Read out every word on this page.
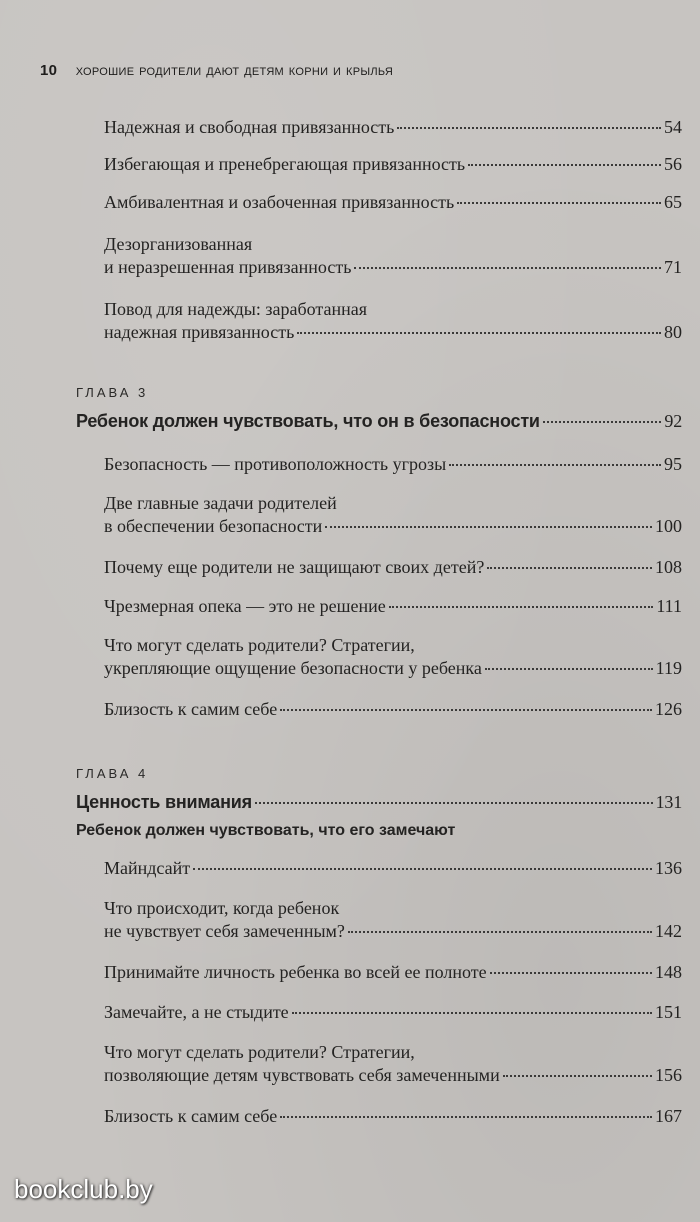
10 хорошие родители дают детям корни и крылья
Надежная и свободная привязанность	54
Избегающая и пренебрегающая привязанность	56
Амбивалентная и озабоченная привязанность	65
Дезорганизованная
и неразрешенная привязанность	71
Повод для надежды: заработанная
надежная привязанность	80
ГЛАВА 3
Ребенок должен чувствовать, что он в безопасности	92
Безопасность — противоположность угрозы	95
Две главные задачи родителей
в обеспечении безопасности	100
Почему еще родители не защищают своих детей?	108
Чрезмерная опека — это не решение	111
Что могут сделать родители? Стратегии,
укрепляющие ощущение безопасности у ребенка	119
Близость к самим себе	126
ГЛАВА 4
Ценность внимания	131
Ребенок должен чувствовать, что его замечают
Майндсайт	136
Что происходит, когда ребенок
не чувствует себя замеченным?	142
Принимайте личность ребенка во всей ее полноте	148
Замечайте, а не стыдите	151
Что могут сделать родители? Стратегии,
позволяющие детям чувствовать себя замеченными	156
Близость к самим себе	167
bookclub.by
